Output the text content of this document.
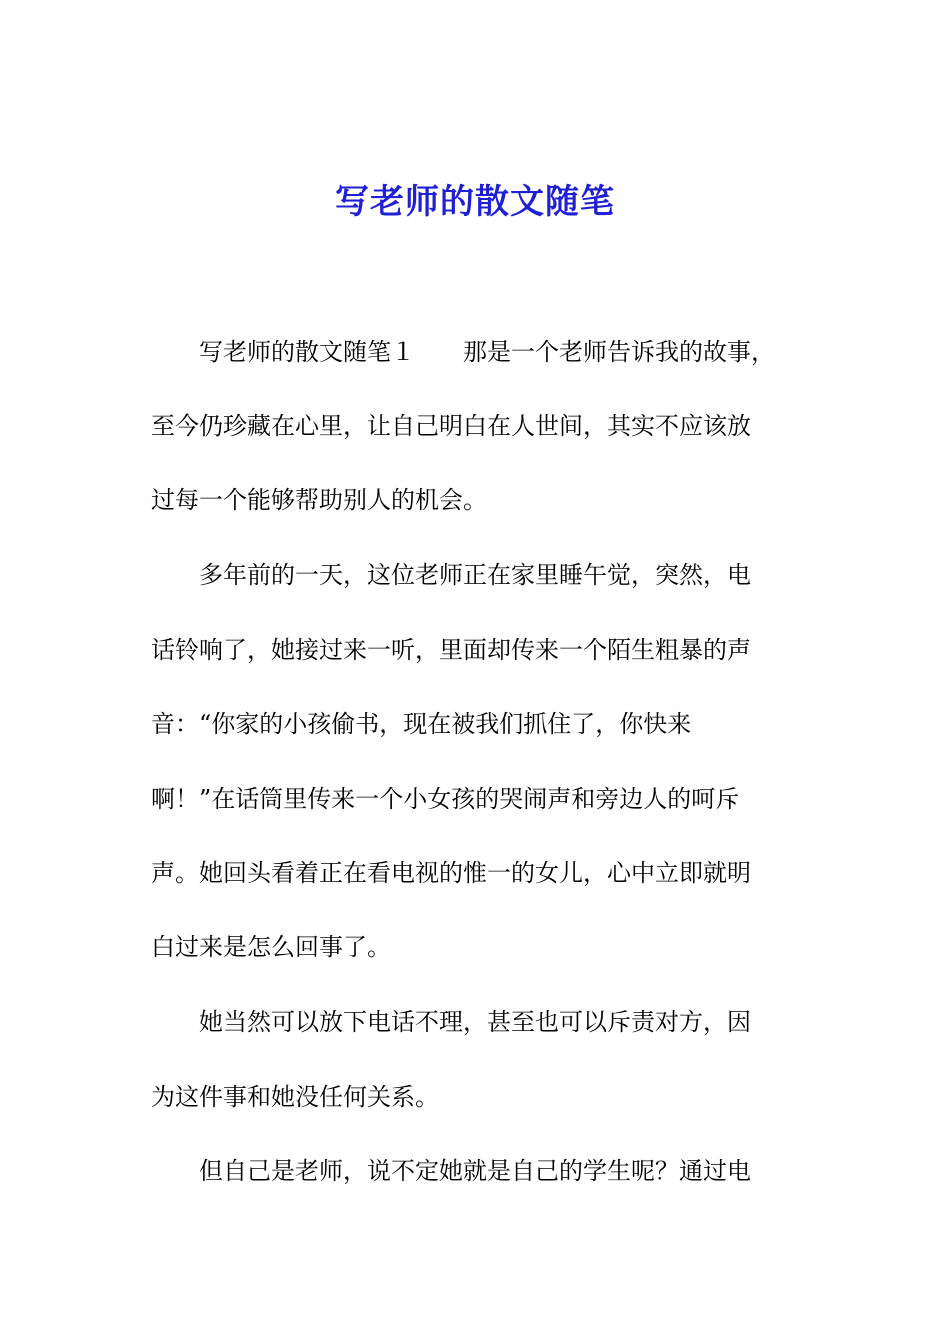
写老师的散文随笔
　　写老师的散文随笔１　　那是一个老师告诉我的故事，
至今仍珍藏在心里，让自己明白在人世间，其实不应该放
过每一个能够帮助别人的机会。
　　多年前的一天，这位老师正在家里睡午觉，突然，电
话铃响了，她接过来一听，里面却传来一个陌生粗暴的声
音：“你家的小孩偷书，现在被我们抓住了，你快来
啊！”在话筒里传来一个小女孩的哭闹声和旁边人的呵斥
声。她回头看着正在看电视的惟一的女儿，心中立即就明
白过来是怎么回事了。
　　她当然可以放下电话不理，甚至也可以斥责对方，因
为这件事和她没任何关系。
　　但自己是老师，说不定她就是自己的学生呢？通过电
